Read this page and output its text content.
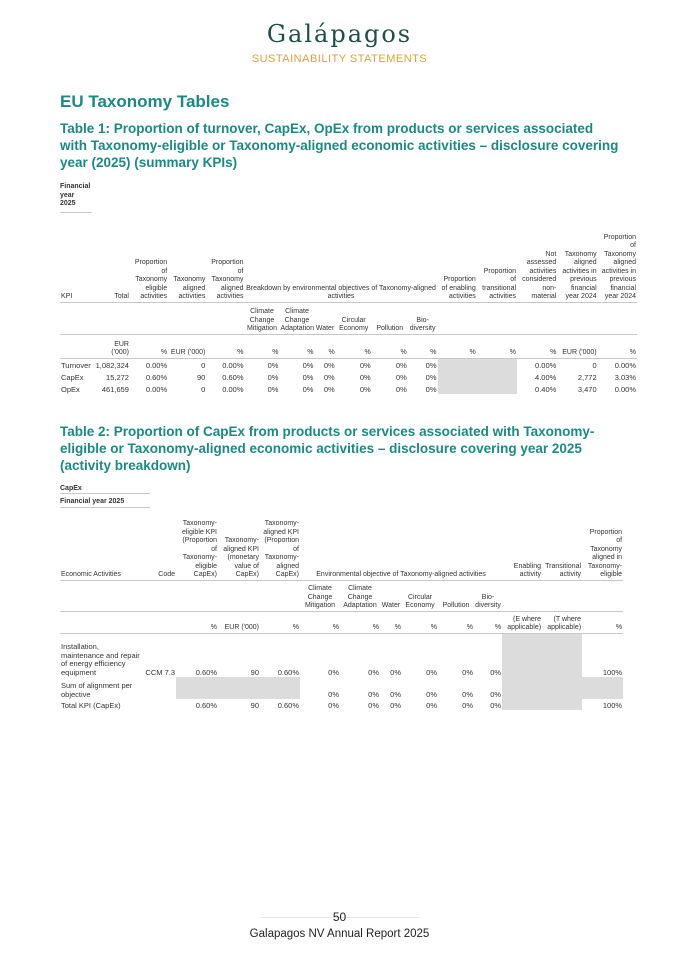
Galápagos
SUSTAINABILITY STATEMENTS
EU Taxonomy Tables
Table 1: Proportion of turnover, CapEx, OpEx from products or services associated with Taxonomy-eligible or Taxonomy-aligned economic activities – disclosure covering year (2025) (summary KPIs)
Financial year 2025
KPI	Total	Proportion of Taxonomy eligible activities	Taxonomy aligned activities	Proportion of Taxonomy aligned activities	Breakdown by environmental objectives of Taxonomy-aligned activities						Proportion of enabling activities	Proportion of transitional activities	Not assessed activities considered non-material	Taxonomy aligned activities in previous financial year 2024	Proportion of Taxonomy aligned activities in previous financial year 2024
					Climate Change Mitigation	Climate Change Adaptation	Water	Circular Economy	Pollution	Bio-diversity					
	EUR ('000)	%	EUR ('000)	%	%	%	%	%	%	%	%	%	%	EUR ('000)	%
Turnover	1,082,324	0.00%	0	0.00%	0%	0%	0%	0%	0%	0%			0.00%	0	0.00%
CapEx	15,272	0.60%	90	0.60%	0%	0%	0%	0%	0%	0%			4.00%	2,772	3.03%
OpEx	461,659	0.00%	0	0.00%	0%	0%	0%	0%	0%	0%			0.40%	3,470	0.00%
Table 2: Proportion of CapEx from products or services associated with Taxonomy-eligible or Taxonomy-aligned economic activities – disclosure covering year 2025 (activity breakdown)
CapEx
Financial year 2025
Economic Activities	Code	Taxonomy-eligible KPI (Proportion of Taxonomy-eligible CapEx)	Taxonomy-aligned KPI (monetary value of CapEx)	Taxonomy-aligned KPI (Proportion of Taxonomy-aligned CapEx)	Environmental objective of Taxonomy-aligned activities						Enabling activity	Transitional activity	Proportion of Taxonomy aligned in Taxonomy-eligible
					Climate Change Mitigation	Climate Change Adaptation	Water	Circular Economy	Pollution	Bio-diversity			
		%	EUR ('000)	%	%	%	%	%	%	%	(E where applicable)	(T where applicable)	%
Installation, maintenance and repair of energy efficiency equipment	CCM 7.3	0.60%	90	0.60%	0%	0%	0%	0%	0%	0%			100%
Sum of alignment per objective					0%	0%	0%	0%	0%	0%			
Total KPI (CapEx)		0.60%	90	0.60%	0%	0%	0%	0%	0%	0%			100%
50
Galapagos NV Annual Report 2025
